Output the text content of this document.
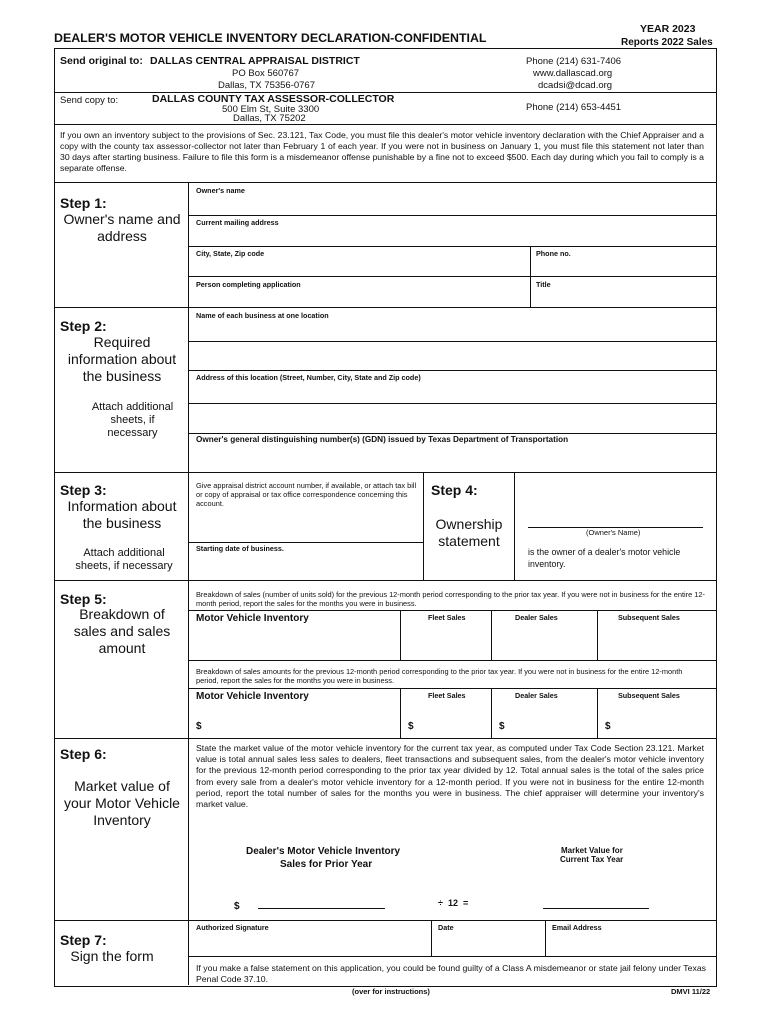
DEALER'S MOTOR VEHICLE INVENTORY DECLARATION-CONFIDENTIAL
YEAR 2023
Reports 2022 Sales
Send original to: DALLAS CENTRAL APPRAISAL DISTRICT
PO Box 560767
Dallas, TX 75356-0767
Phone (214) 631-7406
www.dallascad.org
dcadsi@dcad.org
Send copy to:	DALLAS COUNTY TAX ASSESSOR-COLLECTOR
500 Elm St, Suite 3300
Dallas, TX 75202
Phone (214) 653-4451
If you own an inventory subject to the provisions of Sec. 23.121, Tax Code, you must file this dealer's motor vehicle inventory declaration with the Chief Appraiser and a copy with the county tax assessor-collector not later than February 1 of each year. If you were not in business on January 1, you must file this statement not later than 30 days after starting business. Failure to file this form is a misdemeanor offense punishable by a fine not to exceed $500. Each day during which you fail to comply is a separate offense.
Step 1:
Owner's name and address
Owner's name
Current mailing address
City, State, Zip code	Phone no.
Person completing application	Title
Step 2:
Required information about the business
Attach additional sheets, if necessary
Name of each business at one location
Address of this location (Street, Number, City, State and Zip code)
Owner's general distinguishing number(s) (GDN) issued by Texas Department of Transportation
Step 3:
Information about the business
Attach additional sheets, if necessary
Give appraisal district account number, if available, or attach tax bill or copy of appraisal or tax office correspondence concerning this account.
Starting date of business.
Step 4:
Ownership statement
(Owner's Name)
is the owner of a dealer's motor vehicle inventory.
Step 5:
Breakdown of sales and sales amount
Breakdown of sales (number of units sold) for the previous 12-month period corresponding to the prior tax year. If you were not in business for the entire 12-month period, report the sales for the months you were in business.
Motor Vehicle Inventory	Fleet Sales	Dealer Sales	Subsequent Sales
Breakdown of sales amounts for the previous 12-month period corresponding to the prior tax year. If you were not in business for the entire 12-month period, report the sales for the months you were in business.
Motor Vehicle Inventory	Fleet Sales	Dealer Sales	Subsequent Sales
$	$	$	$
Step 6:
Market value of your Motor Vehicle Inventory
State the market value of the motor vehicle inventory for the current tax year, as computed under Tax Code Section 23.121. Market value is total annual sales less sales to dealers, fleet transactions and subsequent sales, from the dealer's motor vehicle inventory for the previous 12-month period corresponding to the prior tax year divided by 12. Total annual sales is the total of the sales price from every sale from a dealer's motor vehicle inventory for a 12-month period. If you were not in business for the entire 12-month period, report the total number of sales for the months you were in business. The chief appraiser will determine your inventory's market value.
Dealer's Motor Vehicle Inventory
Sales for Prior Year
Market Value for
Current Tax Year
$	÷  12  =
Step 7:
Sign the form
Authorized Signature	Date	Email Address
If you make a false statement on this application, you could be found guilty of a Class A misdemeanor or state jail felony under Texas Penal Code 37.10.
(over for instructions)	DMVI 11/22
